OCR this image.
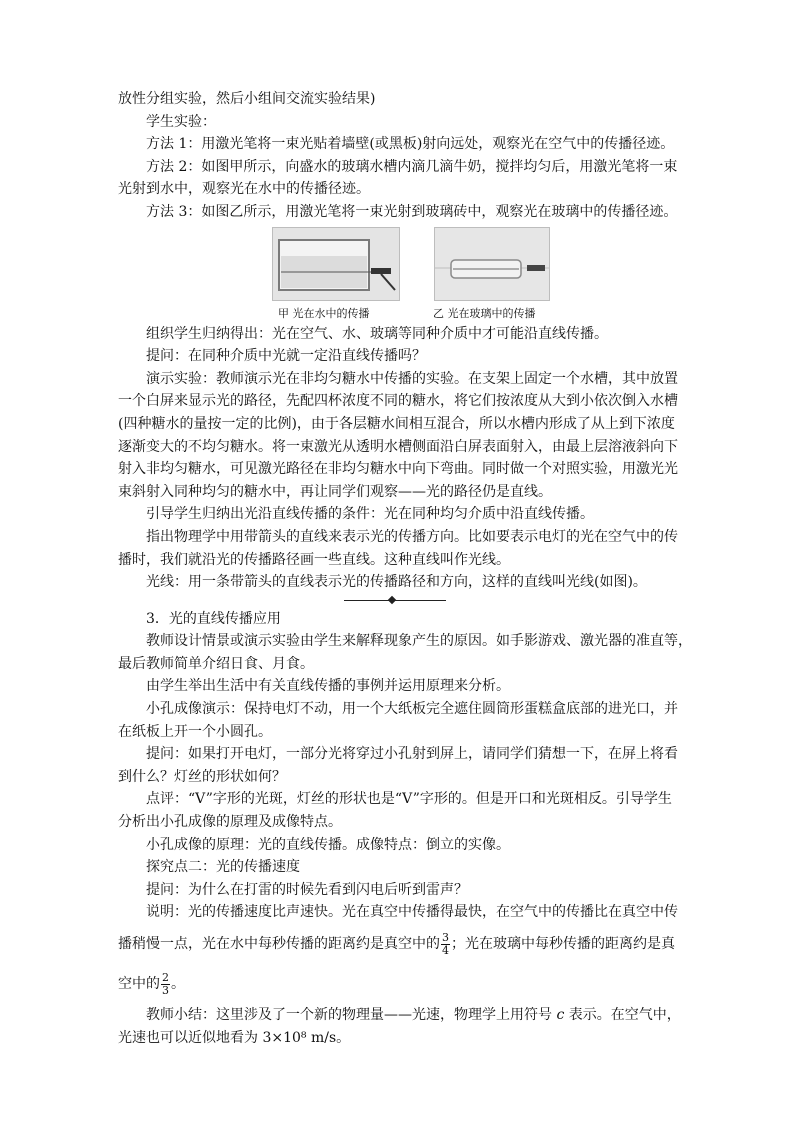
放性分组实验，然后小组间交流实验结果)

学生实验：

方法 1：用激光笔将一束光贴着墙壁(或黑板)射向远处，观察光在空气中的传播径迹。

方法 2：如图甲所示，向盛水的玻璃水槽内滴几滴牛奶，搅拌均匀后，用激光笔将一束

光射到水中，观察光在水中的传播径迹。

方法 3：如图乙所示，用激光笔将一束光射到玻璃砖中，观察光在玻璃中的传播径迹。

甲 光在水中的传播	乙 光在玻璃中的传播

组织学生归纳得出：光在空气、水、玻璃等同种介质中才可能沿直线传播。

提问：在同种介质中光就一定沿直线传播吗？

演示实验：教师演示光在非均匀糖水中传播的实验。在支架上固定一个水槽，其中放置

一个白屏来显示光的路径，先配四杯浓度不同的糖水，将它们按浓度从大到小依次倒入水槽

(四种糖水的量按一定的比例)，由于各层糖水间相互混合，所以水槽内形成了从上到下浓度

逐渐变大的不均匀糖水。将一束激光从透明水槽侧面沿白屏表面射入，由最上层溶液斜向下

射入非均匀糖水，可见激光路径在非均匀糖水中向下弯曲。同时做一个对照实验，用激光光

束斜射入同种均匀的糖水中，再让同学们观察——光的路径仍是直线。

引导学生归纳出光沿直线传播的条件：光在同种均匀介质中沿直线传播。

指出物理学中用带箭头的直线来表示光的传播方向。比如要表示电灯的光在空气中的传

播时，我们就沿光的传播路径画一些直线。这种直线叫作光线。

光线：用一条带箭头的直线表示光的传播路径和方向，这样的直线叫光线(如图)。

3．光的直线传播应用

教师设计情景或演示实验由学生来解释现象产生的原因。如手影游戏、激光器的准直等，

最后教师简单介绍日食、月食。

由学生举出生活中有关直线传播的事例并运用原理来分析。

小孔成像演示：保持电灯不动，用一个大纸板完全遮住圆筒形蛋糕盒底部的进光口，并

在纸板上开一个小圆孔。

提问：如果打开电灯，一部分光将穿过小孔射到屏上，请同学们猜想一下，在屏上将看

到什么？灯丝的形状如何？

点评：“V”字形的光斑，灯丝的形状也是“V”字形的。但是开口和光斑相反。引导学生

分析出小孔成像的原理及成像特点。

小孔成像的原理：光的直线传播。成像特点：倒立的实像。

探究点二：光的传播速度

提问：为什么在打雷的时候先看到闪电后听到雷声？

说明：光的传播速度比声速快。光在真空中传播得最快，在空气中的传播比在真空中传

播稍慢一点，光在水中每秒传播的距离约是真空中的 $\frac{3}{4}$ ；光在玻璃中每秒传播的距离约是真

空中的 $\frac{2}{3}$ 。

教师小结：这里涉及了一个新的物理量——光速，物理学上用符号 c 表示。在空气中，

光速也可以近似地看为 3×10⁸ m/s。
